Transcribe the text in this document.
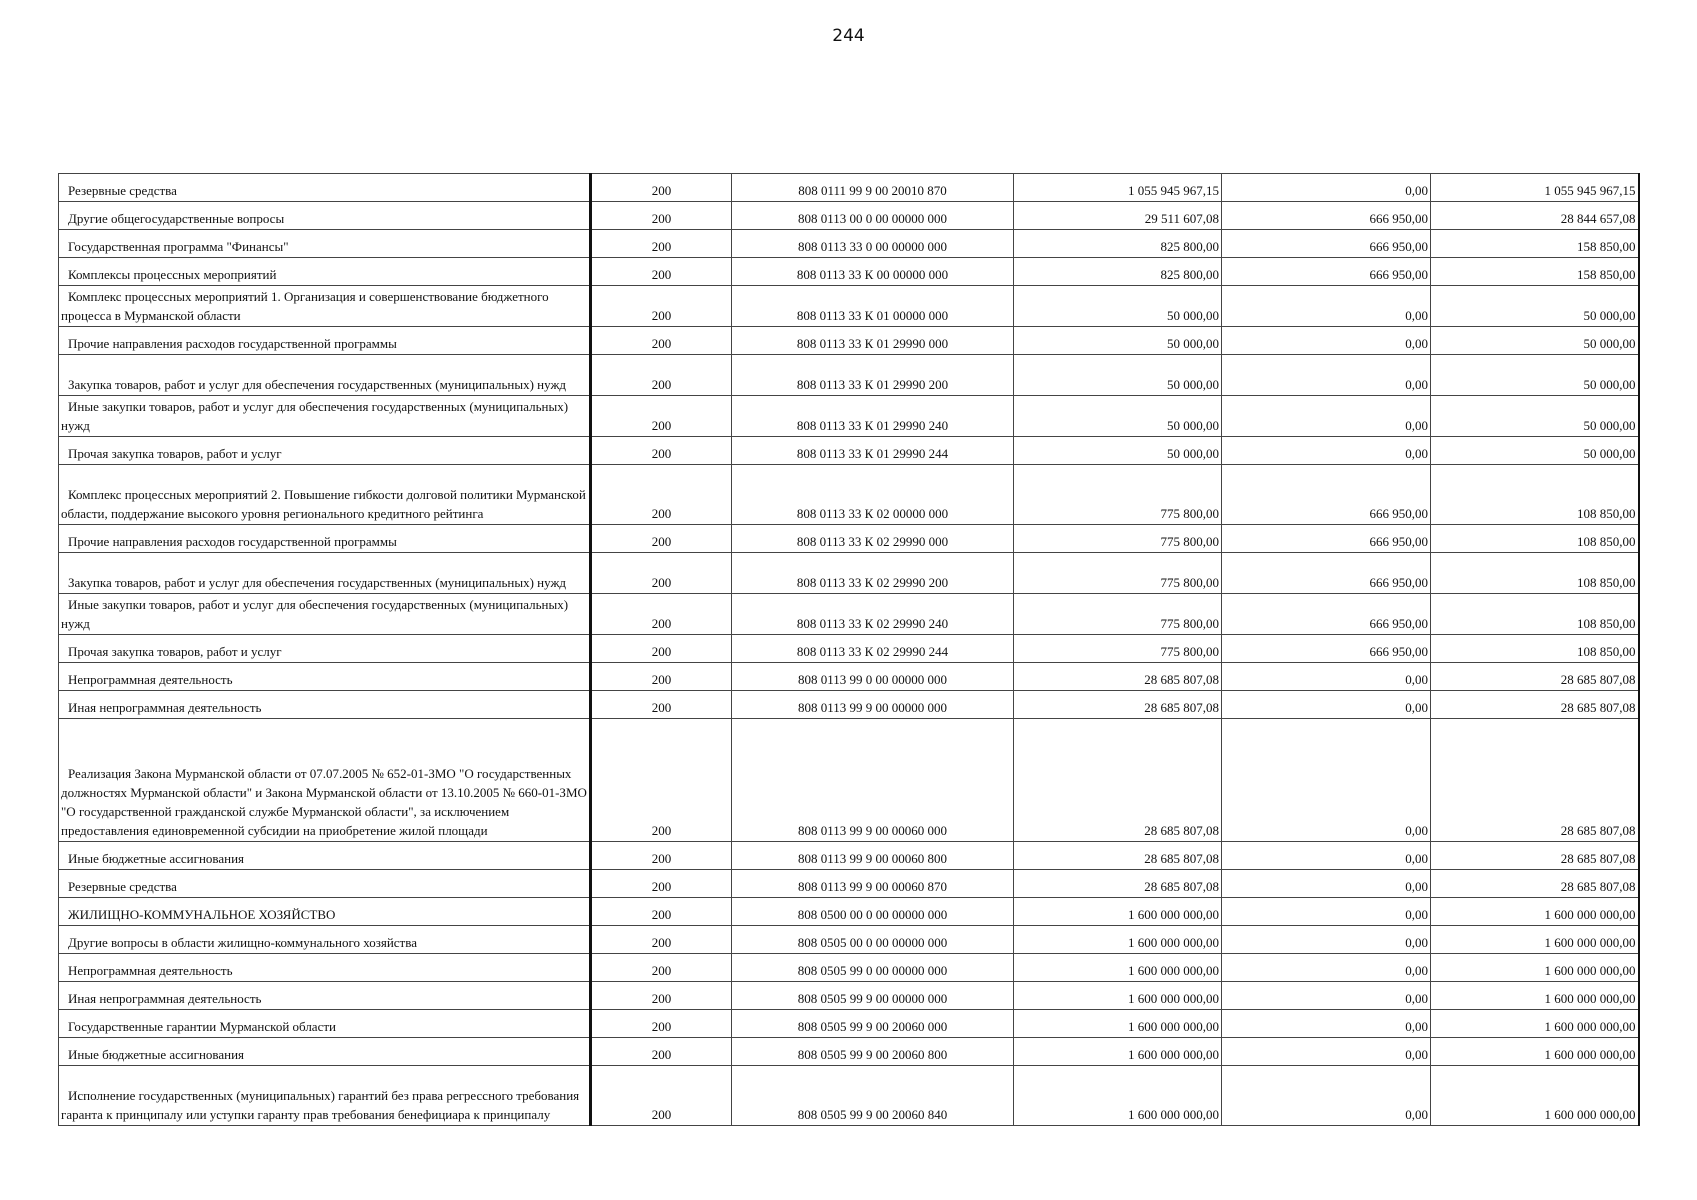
244
Резервные средства	200	808 0111 99 9 00 20010 870	1 055 945 967,15	0,00	1 055 945 967,15
Другие общегосударственные вопросы	200	808 0113 00 0 00 00000 000	29 511 607,08	666 950,00	28 844 657,08
Государственная программа "Финансы"	200	808 0113 33 0 00 00000 000	825 800,00	666 950,00	158 850,00
Комплексы процессных мероприятий	200	808 0113 33 К 00 00000 000	825 800,00	666 950,00	158 850,00
Комплекс процессных мероприятий 1. Организация и совершенствование бюджетного процесса в Мурманской области	200	808 0113 33 К 01 00000 000	50 000,00	0,00	50 000,00
Прочие направления расходов государственной программы	200	808 0113 33 К 01 29990 000	50 000,00	0,00	50 000,00
Закупка товаров, работ и услуг для обеспечения государственных (муниципальных) нужд	200	808 0113 33 К 01 29990 200	50 000,00	0,00	50 000,00
Иные закупки товаров, работ и услуг для обеспечения государственных (муниципальных) нужд	200	808 0113 33 К 01 29990 240	50 000,00	0,00	50 000,00
Прочая закупка товаров, работ и услуг	200	808 0113 33 К 01 29990 244	50 000,00	0,00	50 000,00
Комплекс процессных мероприятий 2. Повышение гибкости долговой политики Мурманской области, поддержание высокого уровня регионального кредитного рейтинга	200	808 0113 33 К 02 00000 000	775 800,00	666 950,00	108 850,00
Прочие направления расходов государственной программы	200	808 0113 33 К 02 29990 000	775 800,00	666 950,00	108 850,00
Закупка товаров, работ и услуг для обеспечения государственных (муниципальных) нужд	200	808 0113 33 К 02 29990 200	775 800,00	666 950,00	108 850,00
Иные закупки товаров, работ и услуг для обеспечения государственных (муниципальных) нужд	200	808 0113 33 К 02 29990 240	775 800,00	666 950,00	108 850,00
Прочая закупка товаров, работ и услуг	200	808 0113 33 К 02 29990 244	775 800,00	666 950,00	108 850,00
Непрограммная деятельность	200	808 0113 99 0 00 00000 000	28 685 807,08	0,00	28 685 807,08
Иная непрограммная деятельность	200	808 0113 99 9 00 00000 000	28 685 807,08	0,00	28 685 807,08
Реализация Закона Мурманской области от 07.07.2005 № 652-01-ЗМО "О государственных должностях Мурманской области" и Закона Мурманской области от 13.10.2005 № 660-01-ЗМО "О государственной гражданской службе Мурманской области", за исключением предоставления единовременной субсидии на приобретение жилой площади	200	808 0113 99 9 00 00060 000	28 685 807,08	0,00	28 685 807,08
Иные бюджетные ассигнования	200	808 0113 99 9 00 00060 800	28 685 807,08	0,00	28 685 807,08
Резервные средства	200	808 0113 99 9 00 00060 870	28 685 807,08	0,00	28 685 807,08
ЖИЛИЩНО-КОММУНАЛЬНОЕ ХОЗЯЙСТВО	200	808 0500 00 0 00 00000 000	1 600 000 000,00	0,00	1 600 000 000,00
Другие вопросы в области жилищно-коммунального хозяйства	200	808 0505 00 0 00 00000 000	1 600 000 000,00	0,00	1 600 000 000,00
Непрограммная деятельность	200	808 0505 99 0 00 00000 000	1 600 000 000,00	0,00	1 600 000 000,00
Иная непрограммная деятельность	200	808 0505 99 9 00 00000 000	1 600 000 000,00	0,00	1 600 000 000,00
Государственные гарантии Мурманской области	200	808 0505 99 9 00 20060 000	1 600 000 000,00	0,00	1 600 000 000,00
Иные бюджетные ассигнования	200	808 0505 99 9 00 20060 800	1 600 000 000,00	0,00	1 600 000 000,00
Исполнение государственных (муниципальных) гарантий без права регрессного требования гаранта к принципалу или уступки гаранту прав требования бенефициара к принципалу	200	808 0505 99 9 00 20060 840	1 600 000 000,00	0,00	1 600 000 000,00
